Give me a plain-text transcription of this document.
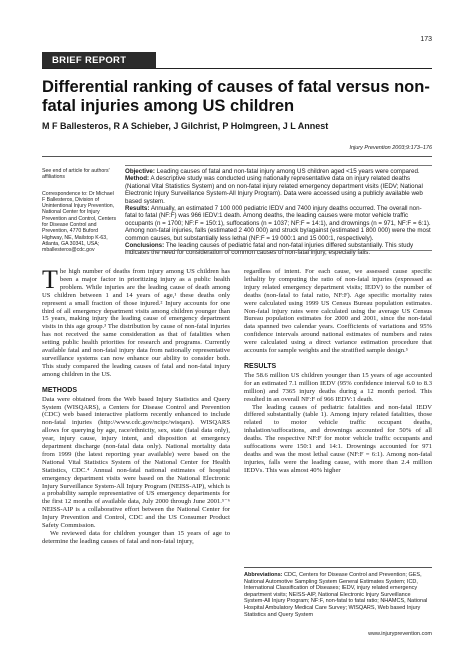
173
BRIEF REPORT
Differential ranking of causes of fatal versus non-fatal injuries among US children
M F Ballesteros, R A Schieber, J Gilchrist, P Holmgreen, J L Annest
Injury Prevention 2003;9:173–176

See end of article for authors' affiliations

Correspondence to: Dr Michael F Ballesteros, Division of Unintentional Injury Prevention, National Center for Injury Prevention and Control, Centers for Disease Control and Prevention, 4770 Buford Highway, NE, Mailstop K-63, Atlanta, GA 30341, USA; mballesteros@cdc.gov

Objective: Leading causes of fatal and non-fatal injury among US children aged <15 years were compared.

Method: A descriptive study was conducted using nationally representative data on injury related deaths (National Vital Statistics System) and on non-fatal injury related emergency department visits (IEDV; National Electronic Injury Surveillance System-All Injury Program). Data were accessed using a publicly available web based system.

Results: Annually, an estimated 7 100 000 pediatric IEDV and 7400 injury deaths occurred. The overall non-fatal to fatal (NF:F) was 966 IEDV:1 death. Among deaths, the leading causes were motor vehicle traffic occupants (n = 1700; NF:F = 150:1), suffocations (n = 1037; NF:F = 14:1), and drownings (n = 971, NF:F = 6:1). Among non-fatal injuries, falls (estimated 2 400 000) and struck by/against (estimated 1 800 000) were the most common causes, but substantially less lethal (NF:F = 19 000:1 and 15 000:1, respectively).

Conclusions: The leading causes of pediatric fatal and non-fatal injuries differed substantially. This study indicates the need for consideration of common causes of non-fatal injury, especially falls.

The high number of deaths from injury among US children has been a major factor in prioritizing injury as a public health problem. While injuries are the leading cause of death among US children between 1 and 14 years of age,¹ these deaths only represent a small fraction of those injured.² Injury accounts for one third of all emergency department visits among children younger than 15 years, making injury the leading cause of emergency department visits in this age group.³ The distribution by cause of non-fatal injuries has not received the same consideration as that of fatalities when setting public health priorities for research and programs. Currently available fatal and non-fatal injury data from nationally representative surveillance systems can now enhance our ability to consider both. This study compared the leading causes of fatal and non-fatal injury among children in the US.

METHODS

Data were obtained from the Web based Injury Statistics and Query System (WISQARS), a Centers for Disease Control and Prevention (CDC) web based interactive platform recently enhanced to include non-fatal injuries (http://www.cdc.gov/ncipc/wisqars). WISQARS allows for querying by age, race/ethnicity, sex, state (fatal data only), year, injury cause, injury intent, and disposition at emergency department discharge (non-fatal data only). National mortality data from 1999 (the latest reporting year available) were based on the National Vital Statistics System of the National Center for Health Statistics, CDC.⁴ Annual non-fatal national estimates of hospital emergency department visits were based on the National Electronic Injury Surveillance System-All Injury Program (NEISS-AIP), which is a probability sample representative of US emergency departments for the first 12 months of available data, July 2000 through June 2001.⁵⁻⁶ NEISS-AIP is a collaborative effort between the National Center for Injury Prevention and Control, CDC and the US Consumer Product Safety Commission.

We reviewed data for children younger than 15 years of age to determine the leading causes of fatal and non-fatal injury,

regardless of intent. For each cause, we assessed cause specific lethality by computing the ratio of non-fatal injuries (expressed as injury related emergency department visits; IEDV) to the number of deaths (non-fatal to fatal ratio, NF:F). Age specific mortality rates were calculated using 1999 US Census Bureau population estimates. Non-fatal injury rates were calculated using the average US Census Bureau population estimates for 2000 and 2001, since the non-fatal data spanned two calendar years. Coefficients of variations and 95% confidence intervals around national estimates of numbers and rates were calculated using a direct variance estimation procedure that accounts for sample weights and the stratified sample design.⁵

RESULTS

The 58.6 million US children younger than 15 years of age accounted for an estimated 7.1 million IEDV (95% confidence interval 6.0 to 8.3 million) and 7365 injury deaths during a 12 month period. This resulted in an overall NF:F of 966 IEDV:1 death.

The leading causes of pediatric fatalities and non-fatal IEDV differed substantially (table 1). Among injury related fatalities, those related to motor vehicle traffic occupant deaths, inhalation/suffocations, and drownings accounted for 50% of all deaths. The respective NF:F for motor vehicle traffic occupants and suffocations were 150:1 and 14:1. Drownings accounted for 971 deaths and was the most lethal cause (NF:F = 6:1). Among non-fatal injuries, falls were the leading cause, with more than 2.4 million IEDVs. This was almost 40% higher

Abbreviations: CDC, Centers for Disease Control and Prevention; GES, National Automotive Sampling System General Estimates System; ICD, International Classification of Diseases; IEDV, injury related emergency department visits; NEISS-AIP, National Electronic Injury Surveillance System-All Injury Program; NF:F, non-fatal to fatal ratio; NHAMCS, National Hospital Ambulatory Medical Care Survey; WISQARS, Web based Injury Statistics and Query System
www.injuryprevention.com
